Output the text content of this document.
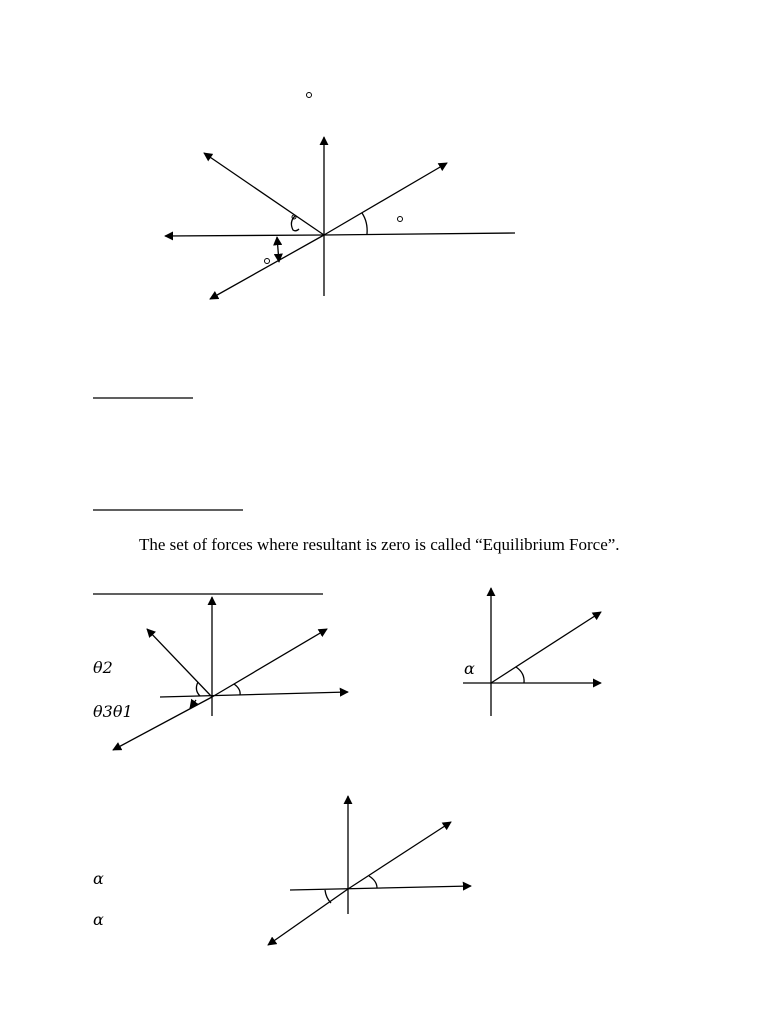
The set of forces where resultant is zero is called “Equilibrium Force”.
θ2
θ3θ1
α
α
α
